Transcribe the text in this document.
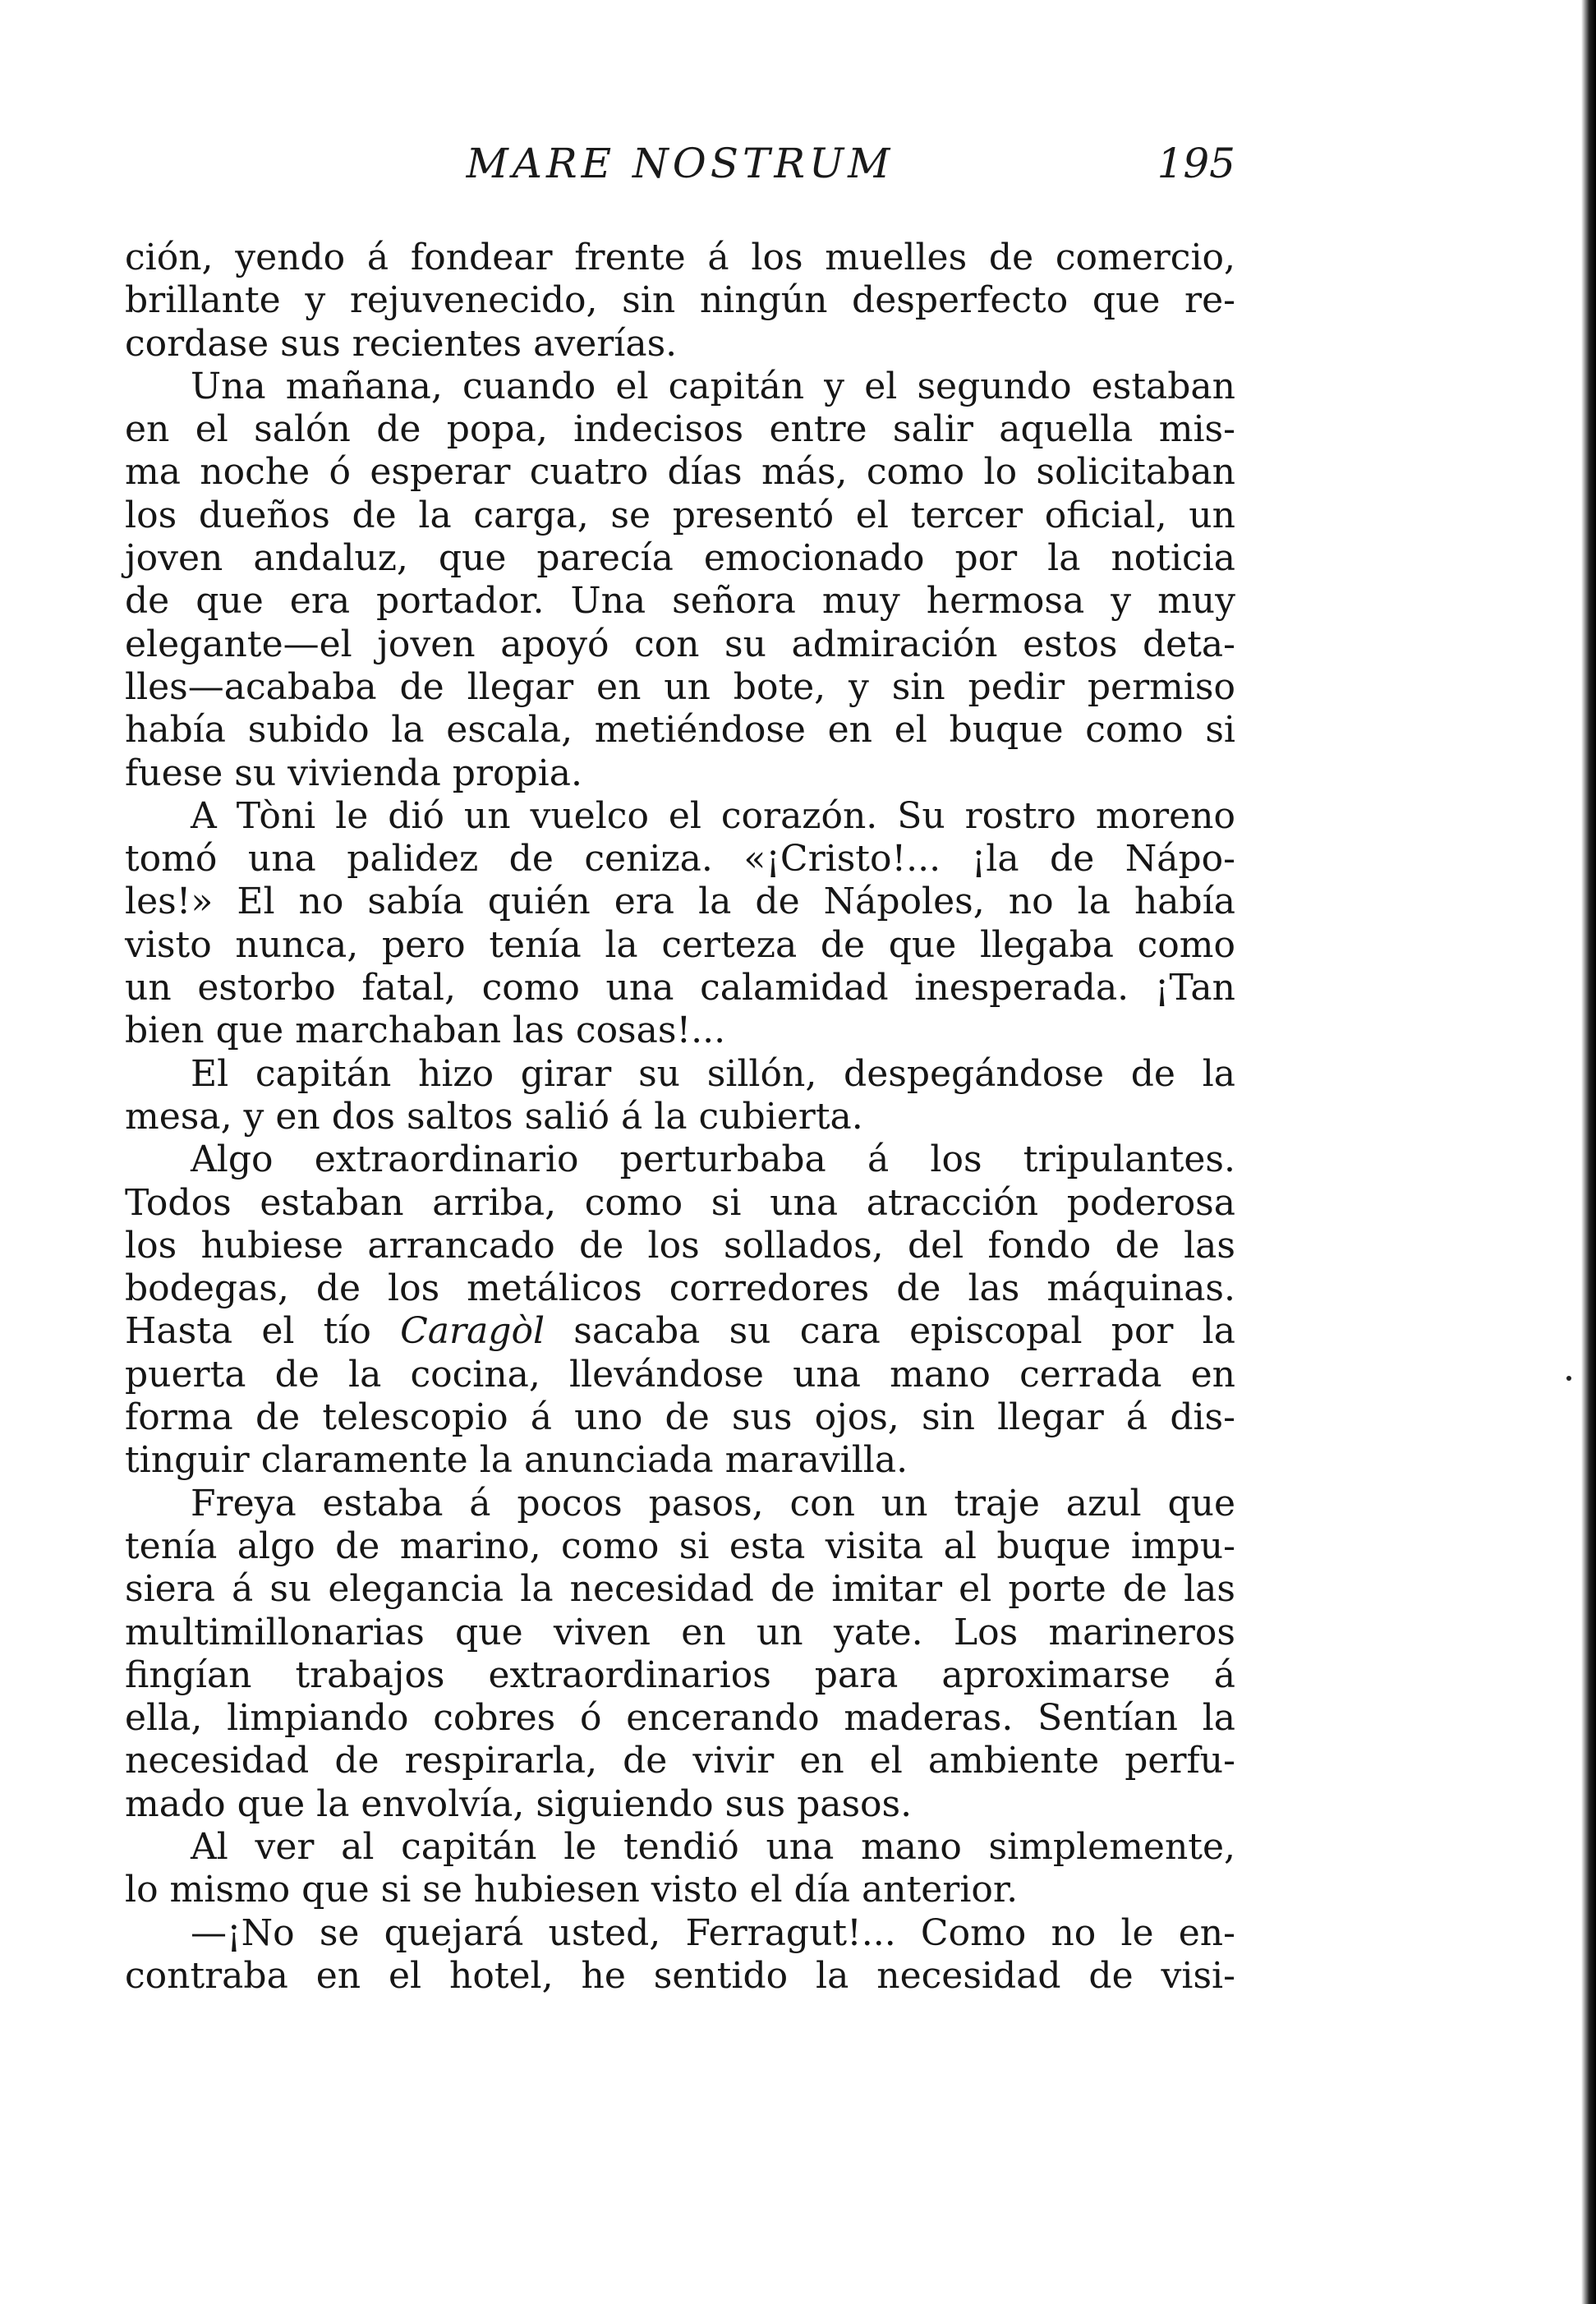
MARE NOSTRUM	195
ción, yendo á fondear frente á los muelles de comercio,
brillante y rejuvenecido, sin ningún desperfecto que re-
cordase sus recientes averías.
Una mañana, cuando el capitán y el segundo estaban
en el salón de popa, indecisos entre salir aquella mis-
ma noche ó esperar cuatro días más, como lo solicitaban
los dueños de la carga, se presentó el tercer oficial, un
joven andaluz, que parecía emocionado por la noticia
de que era portador. Una señora muy hermosa y muy
elegante—el joven apoyó con su admiración estos deta-
lles—acababa de llegar en un bote, y sin pedir permiso
había subido la escala, metiéndose en el buque como si
fuese su vivienda propia.
A Tòni le dió un vuelco el corazón. Su rostro moreno
tomó una palidez de ceniza. «¡Cristo!... ¡la de Nápo-
les!» El no sabía quién era la de Nápoles, no la había
visto nunca, pero tenía la certeza de que llegaba como
un estorbo fatal, como una calamidad inesperada. ¡Tan
bien que marchaban las cosas!...
El capitán hizo girar su sillón, despegándose de la
mesa, y en dos saltos salió á la cubierta.
Algo extraordinario perturbaba á los tripulantes.
Todos estaban arriba, como si una atracción poderosa
los hubiese arrancado de los sollados, del fondo de las
bodegas, de los metálicos corredores de las máquinas.
Hasta el tío Caragòl sacaba su cara episcopal por la
puerta de la cocina, llevándose una mano cerrada en
forma de telescopio á uno de sus ojos, sin llegar á dis-
tinguir claramente la anunciada maravilla.
Freya estaba á pocos pasos, con un traje azul que
tenía algo de marino, como si esta visita al buque impu-
siera á su elegancia la necesidad de imitar el porte de las
multimillonarias que viven en un yate. Los marineros
fingían trabajos extraordinarios para aproximarse á
ella, limpiando cobres ó encerando maderas. Sentían la
necesidad de respirarla, de vivir en el ambiente perfu-
mado que la envolvía, siguiendo sus pasos.
Al ver al capitán le tendió una mano simplemente,
lo mismo que si se hubiesen visto el día anterior.
—¡No se quejará usted, Ferragut!... Como no le en-
contraba en el hotel, he sentido la necesidad de visi-
